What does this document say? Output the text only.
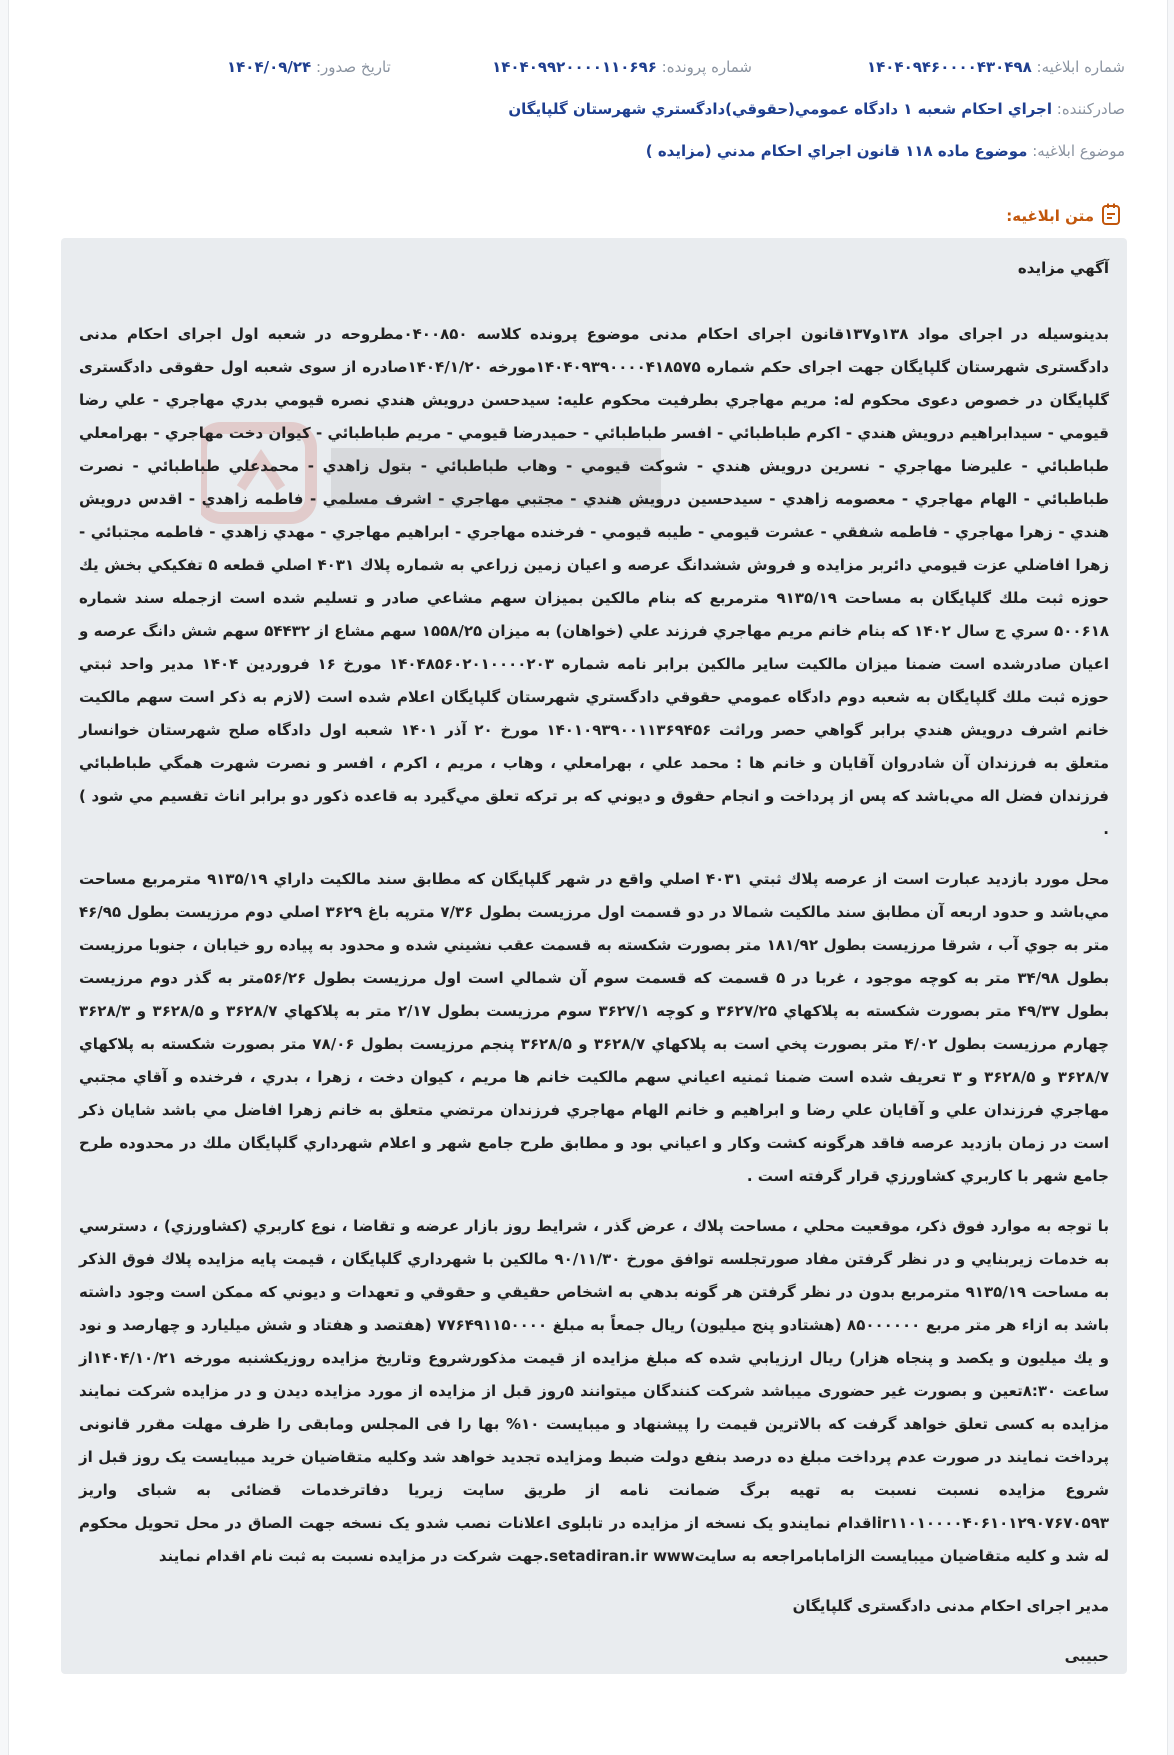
شماره ابلاغیه: ۱۴۰۴۰۹۴۶۰۰۰۰۴۳۰۴۹۸
شماره پرونده: ۱۴۰۴۰۹۹۲۰۰۰۰۱۱۰۶۹۶
تاریخ صدور: ۱۴۰۴/۰۹/۲۴
صادرکننده: اجراي احكام شعبه ۱ دادگاه عمومي(حقوقي)دادگستري شهرستان گلپايگان
موضوع ابلاغیه: موضوع ماده ۱۱۸ قانون اجراي احكام مدني (مزايده )
متن ابلاغیه:

آگهي مزايده

بدينوسيله در اجرای مواد ۱۳۸و۱۳۷قانون اجرای احکام مدنی موضوع پرونده کلاسه ۰۴۰۰۸۵۰مطروحه در شعبه اول اجرای احکام مدنی دادگستری شهرستان گلپایگان جهت اجرای حکم شماره ۱۴۰۴۰۹۳۹۰۰۰۰۴۱۸۵۷۵مورخه ۱۴۰۴/۱/۲۰صادره از سوی شعبه اول حقوقی دادگستری گلپایگان در خصوص دعوی محکوم له: مريم مهاجري بطرفيت محکوم عليه: سيدحسن درويش هندي نصره قيومي بدري مهاجري - علي رضا قيومي - سيدابراهيم درويش هندي - اكرم طباطبائي - افسر طباطبائي - حميدرضا قيومي - مريم طباطبائي - كيوان دخت مهاجري - بهرامعلي طباطبائي - عليرضا مهاجري - نسرين درويش هندي - شوكت قيومي - وهاب طباطبائي - بتول زاهدي - محمدعلي طباطبائي - نصرت طباطبائي - الهام مهاجري - معصومه زاهدي - سيدحسين درويش هندي - مجتبي مهاجري - اشرف مسلمي - فاطمه زاهدي - اقدس درويش هندي - زهرا مهاجري - فاطمه شفقي - عشرت قيومي - طيبه قيومي - فرخنده مهاجري - ابراهيم مهاجري - مهدي زاهدي - فاطمه مجتبائي - زهرا افاضلي عزت قيومي دائربر مزايده و فروش ششدانگ عرصه و اعيان زمين زراعي به شماره پلاك ۴۰۳۱ اصلي قطعه ۵ تفكيكي بخش يك حوزه ثبت ملك گلپايگان به مساحت ۹۱۳۵/۱۹ مترمربع كه بنام مالكين بميزان سهم مشاعي صادر و تسليم شده است ازجمله سند شماره ۵۰۰۶۱۸ سري ج سال ۱۴۰۲ كه بنام خانم مريم مهاجري فرزند علي (خواهان) به ميزان ۱۵۵۸/۲۵ سهم مشاع از ۵۴۴۳۲ سهم شش دانگ عرصه و اعيان صادرشده است ضمنا ميزان مالكيت ساير مالكين برابر نامه شماره ۱۴۰۴۸۵۶۰۲۰۱۰۰۰۰۲۰۳ مورخ ۱۶ فروردين ۱۴۰۴ مدير واحد ثبتي حوزه ثبت ملك گلپايگان به شعبه دوم دادگاه عمومي حقوقي دادگستري شهرستان گلپايگان اعلام شده است (لازم به ذكر است سهم مالكيت خانم اشرف درويش هندي برابر گواهي حصر وراثت ۱۴۰۱۰۹۳۹۰۰۱۱۳۶۹۴۵۶ مورخ ۲۰ آذر ۱۴۰۱ شعبه اول دادگاه صلح شهرستان خوانسار متعلق به فرزندان آن شادروان آقايان و خانم ها : محمد علي ، بهرامعلي ، وهاب ، مريم ، اكرم ، افسر و نصرت شهرت همگي طباطبائي فرزندان فضل اله مي‌باشد كه پس از پرداخت و انجام حقوق و ديوني كه بر تركه تعلق مي‌گيرد به قاعده ذكور دو برابر اناث تقسيم مي شود ) .

محل مورد بازديد عبارت است از عرصه پلاك ثبتي ۴۰۳۱ اصلي واقع در شهر گلپايگان كه مطابق سند مالكيت داراي ۹۱۳۵/۱۹ مترمربع مساحت مي‌باشد و حدود اربعه آن مطابق سند مالكيت شمالا در دو قسمت اول مرزيست بطول ۷/۳۶ مترپه باغ ۳۶۲۹ اصلي دوم مرزيست بطول ۴۶/۹۵ متر به جوي آب ، شرقا مرزيست بطول ۱۸۱/۹۲ متر بصورت شكسته به قسمت عقب نشيني شده و محدود به پياده رو خيابان ، جنوبا مرزيست بطول ۳۴/۹۸ متر به كوچه موجود ، غربا در ۵ قسمت كه قسمت سوم آن شمالي است اول مرزيست بطول ۵۶/۲۶متر به گذر دوم مرزيست بطول ۴۹/۳۷ متر بصورت شكسته به پلاكهاي ۳۶۲۷/۲۵ و كوچه ۳۶۲۷/۱ سوم مرزيست بطول ۲/۱۷ متر به پلاكهاي ۳۶۲۸/۷ و ۳۶۲۸/۵ و ۳۶۲۸/۳ چهارم مرزيست بطول ۴/۰۲ متر بصورت پخي است به پلاكهاي ۳۶۲۸/۷ و ۳۶۲۸/۵ پنجم مرزيست بطول ۷۸/۰۶ متر بصورت شكسته به پلاكهاي ۳۶۲۸/۷ و ۳۶۲۸/۵ و ۳ تعريف شده است ضمنا ثمنيه اعياني سهم مالكيت خانم ها مريم ، كيوان دخت ، زهرا ، بدري ، فرخنده و آقاي مجتبي مهاجري فرزندان علي و آقايان علي رضا و ابراهيم و خانم الهام مهاجري فرزندان مرتضي متعلق به خانم زهرا افاضل مي باشد شايان ذكر است در زمان بازديد عرصه فاقد هرگونه كشت وكار و اعياني بود و مطابق طرح جامع شهر و اعلام شهرداري گلپايگان ملك در محدوده طرح جامع شهر با كاربري كشاورزي قرار گرفته است .

با توجه به موارد فوق ذكر، موقعيت محلي ، مساحت پلاك ، عرض گذر ، شرايط روز بازار عرضه و تقاضا ، نوع كاربري (كشاورزي) ، دسترسي به خدمات زيربنايي و در نظر گرفتن مفاد صورتجلسه توافق مورخ ۹۰/۱۱/۳۰ مالكين با شهرداري گلپايگان ، قيمت پايه مزايده پلاك فوق الذكر به مساحت ۹۱۳۵/۱۹ مترمربع بدون در نظر گرفتن هر گونه بدهي به اشخاص حقيقي و حقوقي و تعهدات و ديوني كه ممكن است وجود داشته باشد به ازاء هر متر مربع ۸۵۰۰۰۰۰۰ (هشتادو پنج ميليون) ريال جمعاً به مبلغ ۷۷۶۴۹۱۱۵۰۰۰۰ (هفتصد و هفتاد و شش ميليارد و چهارصد و نود و يك ميليون و يكصد و پنجاه هزار) ريال ارزيابي شده كه مبلغ مزايده از قيمت مذكورشروع وتاريخ مزايده روزيكشنبه مورخه ۱۴۰۴/۱۰/۲۱از ساعت ۸:۳۰تعين و بصورت غير حضوری میباشد شرکت کنندگان میتوانند ۵روز قبل از مزایده از مورد مزایده دیدن و در مزایده شرکت نمایند مزایده به کسی تعلق خواهد گرفت که بالاترین قیمت را پیشنهاد و میبایست ۱۰% بها را فی المجلس ومابقی را ظرف مهلت مقرر قانونی پرداخت نمایند در صورت عدم پرداخت مبلغ ده درصد بنفع دولت ضبط ومزایده تجدید خواهد شد وکلیه متقاضیان خرید میبایست یک روز قبل از شروع مزایده نسبت نسبت به تهیه برگ ضمانت نامه از طریق سایت زیریا دفاترخدمات قضائی به شبای واریز ir۱۱۰۱۰۰۰۰۴۰۶۱۰۱۲۹۰۷۶۷۰۵۹۳اقدام نمایندو یک نسخه از مزایده در تابلوی اعلانات نصب شدو یک نسخه جهت الصاق در محل تحویل محکوم له شد و کلیه متقاضیان میبایست الزامابامراجعه به سایتsetadiran.ir www.جهت شرکت در مزایده نسبت به ثبت نام اقدام نمایند

مدير اجرای احكام مدنی دادگستری گلپايگان

حبيبی
